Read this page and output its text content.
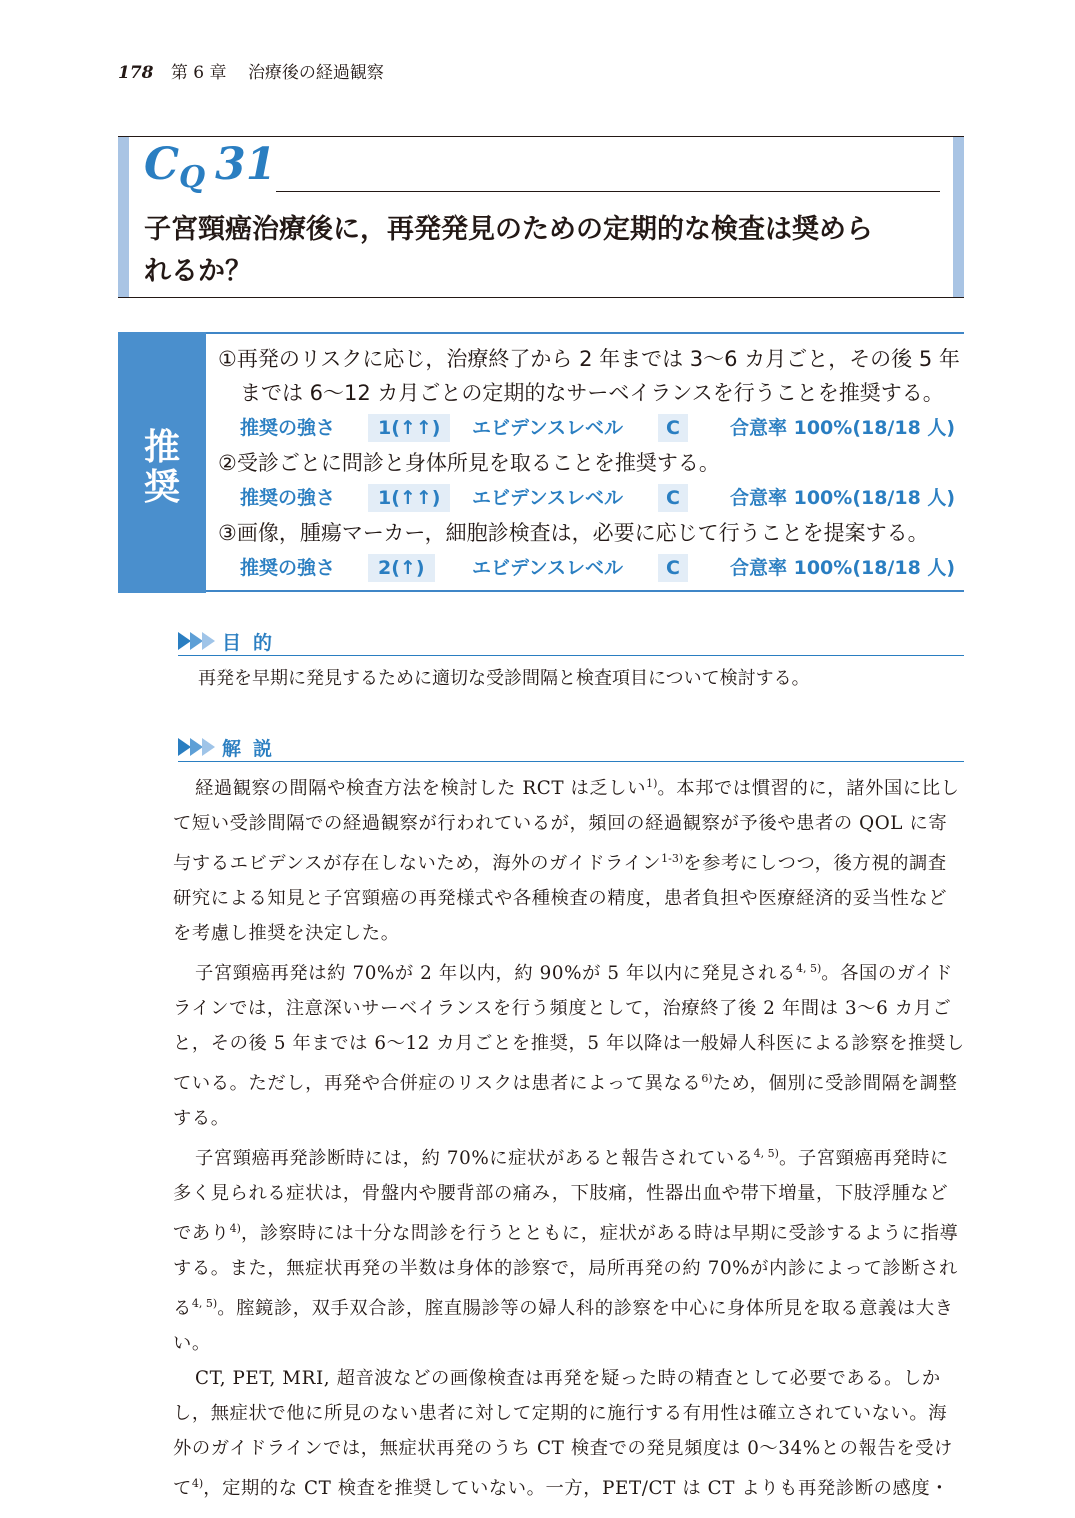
178 第 6 章 治療後の経過観察
CQ 31
子宮頸癌治療後に，再発発見のための定期的な検査は奨めら
れるか？
推
奨
①再発のリスクに応じ，治療終了から 2 年までは 3〜6 カ月ごと，その後 5 年
までは 6〜12 カ月ごとの定期的なサーベイランスを行うことを推奨する。
推奨の強さ	1(↑↑)	エビデンスレベル	C	合意率 100%(18/18 人)
②受診ごとに問診と身体所見を取ることを推奨する。
推奨の強さ	1(↑↑)	エビデンスレベル	C	合意率 100%(18/18 人)
③画像，腫瘍マーカー，細胞診検査は，必要に応じて行うことを提案する。
推奨の強さ	2(↑)	エビデンスレベル	C	合意率 100%(18/18 人)
目的
再発を早期に発見するために適切な受診間隔と検査項目について検討する。
解説

経過観察の間隔や検査方法を検討した RCT は乏しい$^{1)}$。本邦では慣習的に，諸外国に比して短い受診間隔での経過観察が行われているが，頻回の経過観察が予後や患者の QOL に寄与するエビデンスが存在しないため，海外のガイドライン$^{1-3)}$を参考にしつつ，後方視的調査研究による知見と子宮頸癌の再発様式や各種検査の精度，患者負担や医療経済的妥当性などを考慮し推奨を決定した。

子宮頸癌再発は約 70%が 2 年以内，約 90%が 5 年以内に発見される$^{4, 5)}$。各国のガイドラインでは，注意深いサーベイランスを行う頻度として，治療終了後 2 年間は 3〜6 カ月ごと，その後 5 年までは 6〜12 カ月ごとを推奨，5 年以降は一般婦人科医による診察を推奨している。ただし，再発や合併症のリスクは患者によって異なる$^{6)}$ため，個別に受診間隔を調整する。

子宮頸癌再発診断時には，約 70%に症状があると報告されている$^{4, 5)}$。子宮頸癌再発時に多く見られる症状は，骨盤内や腰背部の痛み，下肢痛，性器出血や帯下増量，下肢浮腫などであり$^{4)}$，診察時には十分な問診を行うとともに，症状がある時は早期に受診するように指導する。また，無症状再発の半数は身体的診察で，局所再発の約 70%が内診によって診断される$^{4, 5)}$。腟鏡診，双手双合診，腟直腸診等の婦人科的診察を中心に身体所見を取る意義は大きい。

CT, PET, MRI, 超音波などの画像検査は再発を疑った時の精査として必要である。しかし，無症状で他に所見のない患者に対して定期的に施行する有用性は確立されていない。海外のガイドラインでは，無症状再発のうち CT 検査での発見頻度は 0〜34%との報告を受けて$^{4)}$，定期的な CT 検査を推奨していない。一方，PET/CT は CT よりも再発診断の感度・
